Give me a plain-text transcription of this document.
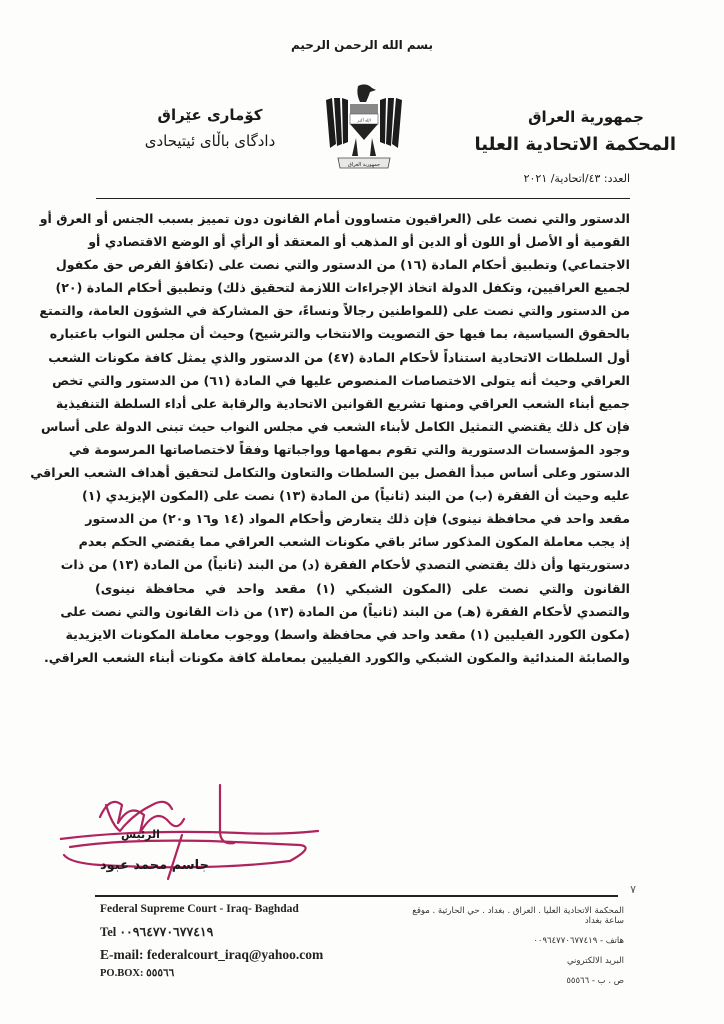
بسم الله الرحمن الرحيم
جمهورية العراق
المحكمة الاتحادية العليا
الله أكبر
جمهورية العراق
كۆماری عێراق
دادگای باڵای ئیتیحادی
العدد: ٤٣/اتحادية/ ٢٠٢١
الدستور والتي نصت على (العراقيون متساوون أمام القانون دون تمييز بسبب الجنس أو العرق أو
القومية أو الأصل أو اللون أو الدين أو المذهب أو المعتقد أو الرأي أو الوضع الاقتصادي أو
الاجتماعي) وتطبيق أحكام المادة (١٦) من الدستور والتي نصت على (تكافؤ الفرص حق مكفول
لجميع العراقيين، وتكفل الدولة اتخاذ الإجراءات اللازمة لتحقيق ذلك) وتطبيق أحكام المادة (٢٠)
من الدستور والتي نصت على (للمواطنين رجالاً ونساءً، حق المشاركة في الشؤون العامة، والتمتع
بالحقوق السياسية، بما فيها حق التصويت والانتخاب والترشيح) وحيث أن مجلس النواب باعتباره
أول السلطات الاتحادية استناداً لأحكام المادة (٤٧) من الدستور والذي يمثل كافة مكونات الشعب
العراقي وحيث أنه يتولى الاختصاصات المنصوص عليها في المادة (٦١) من الدستور والتي تخص
جميع أبناء الشعب العراقي ومنها تشريع القوانين الاتحادية والرقابة على أداء السلطة التنفيذية
فإن كل ذلك يقتضي التمثيل الكامل لأبناء الشعب في مجلس النواب حيث تبنى الدولة على أساس
وجود المؤسسات الدستورية والتي تقوم بمهامها وواجباتها وفقاً لاختصاصاتها المرسومة في
الدستور وعلى أساس مبدأ الفصل بين السلطات والتعاون والتكامل لتحقيق أهداف الشعب العراقي
عليه وحيث أن الفقرة (ب) من البند (ثانياً) من المادة (١٣) نصت على (المكون الإيزيدي (١)
مقعد واحد في محافظة نينوى) فإن ذلك يتعارض وأحكام المواد (١٤ و١٦ و٢٠) من الدستور
إذ يجب معاملة المكون المذكور سائر باقي مكونات الشعب العراقي مما يقتضي الحكم بعدم
دستوريتها وأن ذلك يقتضي التصدي لأحكام الفقرة (د) من البند (ثانياً) من المادة (١٣) من ذات
القانون والتي نصت على (المكون الشبكي (١) مقعد واحد في محافظة نينوى)
والتصدي لأحكام الفقرة (هـ) من البند (ثانياً) من المادة (١٣) من ذات القانون والتي نصت على
(مكون الكورد الفيليين (١) مقعد واحد في محافظة واسط) ووجوب معاملة المكونات الايزيدية
والصابئة المندائية والمكون الشبكي والكورد الفيليين بمعاملة كافة مكونات أبناء الشعب العراقي.
الرئيس
جاسم محمد عبود
٧
Federal Supreme Court - Iraq- Baghdad
Tel ٠٠٩٦٤٧٧٠٦٧٧٤١٩
E-mail: federalcourt_iraq@yahoo.com
PO.BOX: ٥٥٥٦٦
المحكمة الاتحادية العليا . العراق . بغداد . حي الحارثية . موقع ساعة بغداد
هاتف - ٠٠٩٦٤٧٧٠٦٧٧٤١٩
البريد الالكتروني
ص . ب - ٥٥٥٦٦
